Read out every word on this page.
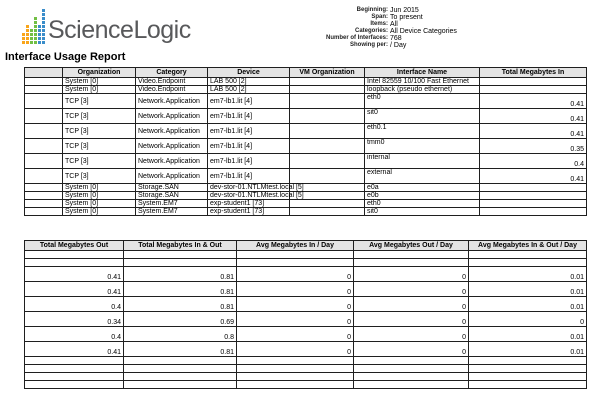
ScienceLogic
Beginning: Jun 2015
Span: To present
Items: All
Categories: All Device Categories
Number of Interfaces: 768
Showing per: / Day
Interface Usage Report
	Organization	Category	Device	VM Organization	Interface Name	Total Megabytes In
	System [0]	Video.Endpoint	LAB 500 [2]		Intel 82559 10/100 Fast Ethernet	
	System [0]	Video.Endpoint	LAB 500 [2]		loopback (pseudo ethernet)	
	TCP [3]	Network.Application	em7-lb1.lit [4]		eth0	0.41
	TCP [3]	Network.Application	em7-lb1.lit [4]		sit0	0.41
	TCP [3]	Network.Application	em7-lb1.lit [4]		eth0.1	0.41
	TCP [3]	Network.Application	em7-lb1.lit [4]		tmm0	0.35
	TCP [3]	Network.Application	em7-lb1.lit [4]		internal	0.4
	TCP [3]	Network.Application	em7-lb1.lit [4]		external	0.41
	System [0]	Storage.SAN	dev-stor-01.NTLMtest.local [5]		e0a	
	System [0]	Storage.SAN	dev-stor-01.NTLMtest.local [5]		e0b	
	System [0]	System.EM7	exp-student1 [73]		eth0	
	System [0]	System.EM7	exp-student1 [73]		sit0	
Total Megabytes Out	Total Megabytes In & Out	Avg Megabytes In / Day	Avg Megabytes Out / Day	Avg Megabytes In & Out / Day

0.41	0.81	0	0	0.01
0.41	0.81	0	0	0.01
0.4	0.81	0	0	0.01
0.34	0.69	0	0	0
0.4	0.8	0	0	0.01
0.41	0.81	0	0	0.01
